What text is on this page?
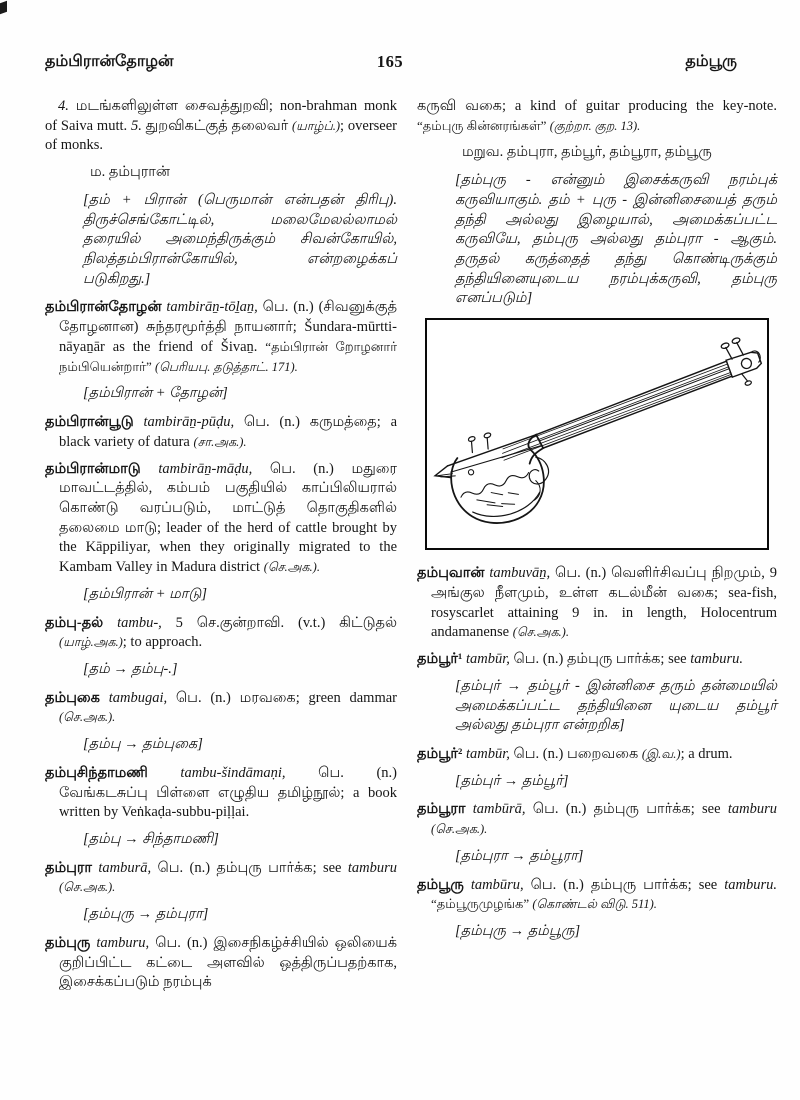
தம்பிரான்தோழன்	165	தம்பூரு
4. மடங்களிலுள்ள சைவத்துறவி; non-brahman monk of Saiva mutt. 5. துறவிகட்குத் தலைவர் (யாழ்ப்.); overseer of monks.
ம. தம்புரான்
[தம் + பிரான் (பெருமான் என்பதன் திரிபு). திருச்செங்கோட்டில், மலைமேலல்லாமல் தரையில் அமைந்திருக்கும் சிவன்கோயில், நிலத்தம்பிரான்கோயில், என்றழைக்கப் படுகிறது.]
தம்பிரான்தோழன் tambirāṉ-tōḻaṉ, பெ. (n.) (சிவனுக்குத் தோழனான) சுந்தரமூர்த்தி நாயனார்; Šundara-mūrtti-nāyaṉār as the friend of Šivaṉ. “தம்பிரான் றோழனார் நம்பியென்றார்” (பெரியபு. தடுத்தாட். 171).
[தம்பிரான் + தோழன்]
தம்பிரான்பூடு tambirāṉ-pūḍu, பெ. (n.) கருமத்தை; a black variety of datura (சா.அக.).
தம்பிரான்மாடு tambirāṉ-māḍu, பெ. (n.) மதுரை மாவட்டத்தில், கம்பம் பகுதியில் காப்பிலியரால் கொண்டு வரப்படும், மாட்டுத் தொகுதிகளில் தலைமை மாடு; leader of the herd of cattle brought by the Kāppiliyar, when they originally migrated to the Kambam Valley in Madura district (செ.அக.).
[தம்பிரான் + மாடு]
தம்பு-தல் tambu-, 5 செ.குன்றாவி. (v.t.) கிட்டுதல் (யாழ்.அக.); to approach.
[தம் → தம்பு-.]
தம்புகை tambugai, பெ. (n.) மரவகை; green dammar (செ.அக.).
[தம்பு → தம்புகை]
தம்புசிந்தாமணி tambu-šindāmaṇi, பெ. (n.) வேங்கடசுப்பு பிள்ளை எழுதிய தமிழ்நூல்; a book written by Veṅkaḍa-subbu-piḷḷai.
[தம்பு → சிந்தாமணி]
தம்புரா tamburā, பெ. (n.) தம்புரு பார்க்க; see tamburu (செ.அக.).
[தம்புரு → தம்புரா]
தம்புரு tamburu, பெ. (n.) இசைநிகழ்ச்சியில் ஒலியைக் குறிப்பிட்ட கட்டை அளவில் ஒத்திருப்பதற்காக, இசைக்கப்படும் நரம்புக்
கருவி வகை; a kind of guitar producing the key-note. “தம்புரு கின்னரங்கள்” (குற்றா. குற. 13).
மறுவ. தம்புரா, தம்பூர், தம்பூரா, தம்பூரு
[தம்புரு - என்னும் இசைக்கருவி நரம்புக் கருவியாகும். தம் + புரு - இன்னிசையைத் தரும் தந்தி அல்லது இழையால், அமைக்கப்பட்ட கருவியே, தம்புரு அல்லது தம்புரா - ஆகும். தருதல் கருத்தைத் தந்து கொண்டிருக்கும் தந்தியினையுடைய நரம்புக்கருவி, தம்புரு எனப்படும்]
தம்புவான் tambuvāṉ, பெ. (n.) வெளிர்சிவப்பு நிறமும், 9 அங்குல நீளமும், உள்ள கடல்மீன் வகை; sea-fish, rosyscarlet attaining 9 in. in length, Holocentrum andamanense (செ.அக.).
தம்பூர்¹ tambūr, பெ. (n.) தம்புரு பார்க்க; see tamburu.
[தம்புர் → தம்பூர் - இன்னிசை தரும் தன்மையில் அமைக்கப்பட்ட தந்தியினை யுடைய தம்பூர் அல்லது தம்புரா என்றறிக]
தம்பூர்² tambūr, பெ. (n.) பறைவகை (இ.வ.); a drum.
[தம்புர் → தம்பூர்]
தம்பூரா tambūrā, பெ. (n.) தம்புரு பார்க்க; see tamburu (செ.அக.).
[தம்புரா → தம்பூரா]
தம்பூரு tambūru, பெ. (n.) தம்புரு பார்க்க; see tamburu. “தம்பூருமுழங்க” (கொண்டல் விடு. 511).
[தம்புரு → தம்பூரு]
